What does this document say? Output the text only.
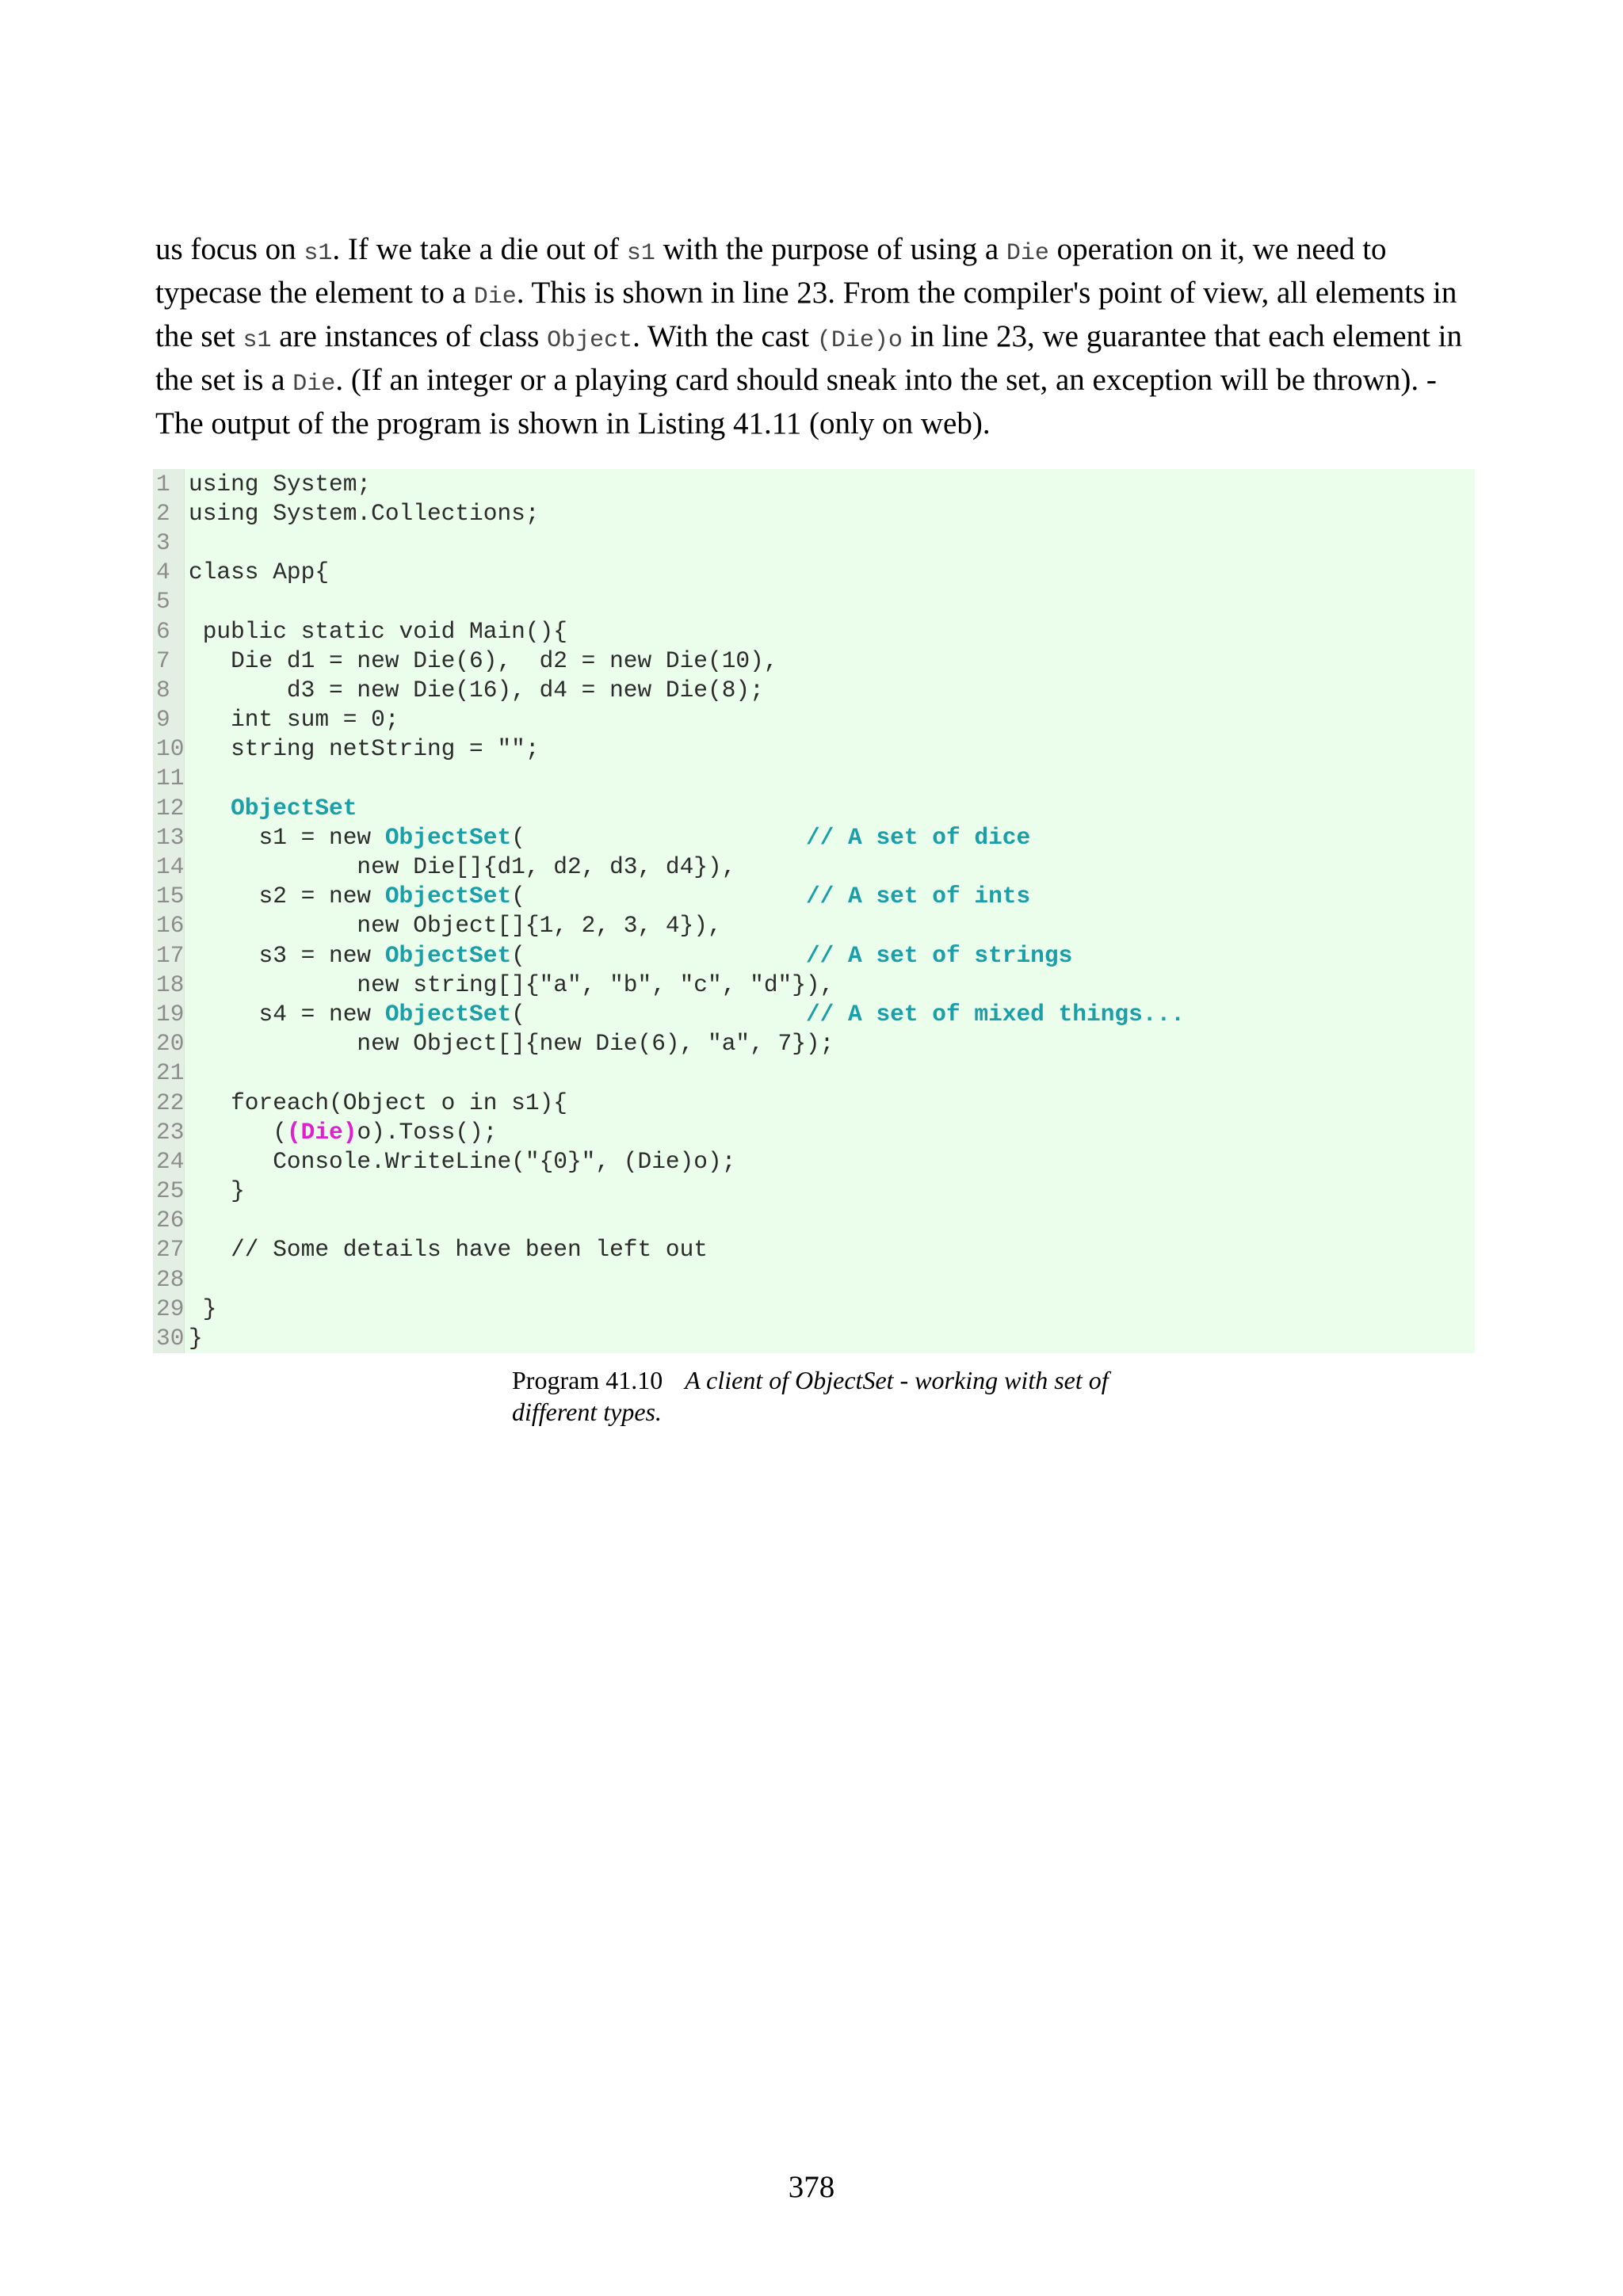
us focus on s1. If we take a die out of s1 with the purpose of using a Die operation on it, we need to typecase the element to a Die. This is shown in line 23. From the compiler's point of view, all elements in the set s1 are instances of class Object. With the cast (Die)o in line 23, we guarantee that each element in the set is a Die. (If an integer or a playing card should sneak into the set, an exception will be thrown). - The output of the program is shown in Listing 41.11 (only on web).

1 using System;
2 using System.Collections;
3
4 class App{
5
6 public static void Main(){
7 Die d1 = new Die(6),  d2 = new Die(10),
8 d3 = new Die(16), d4 = new Die(8);
9 int sum = 0;
10 string netString = "";
11
12	ObjectSet
13 s1 = new ObjectSet(                    // A set of dice
14 new Die[]{d1, d2, d3, d4}),
15 s2 = new ObjectSet(                    // A set of ints
16 new Object[]{1, 2, 3, 4}),
17 s3 = new ObjectSet(                    // A set of strings
18 new string[]{"a", "b", "c", "d"}),
19 s4 = new ObjectSet(                    // A set of mixed things...
20 new Object[]{new Die(6), "a", 7});
21
22 foreach(Object o in s1){
23 ((Die)o).Toss();
24 Console.WriteLine("{0}", (Die)o);
25 }
26
27 // Some details have been left out
28
29 }
30 }
Program 41.10 A client of ObjectSet - working with set of different types.
378
